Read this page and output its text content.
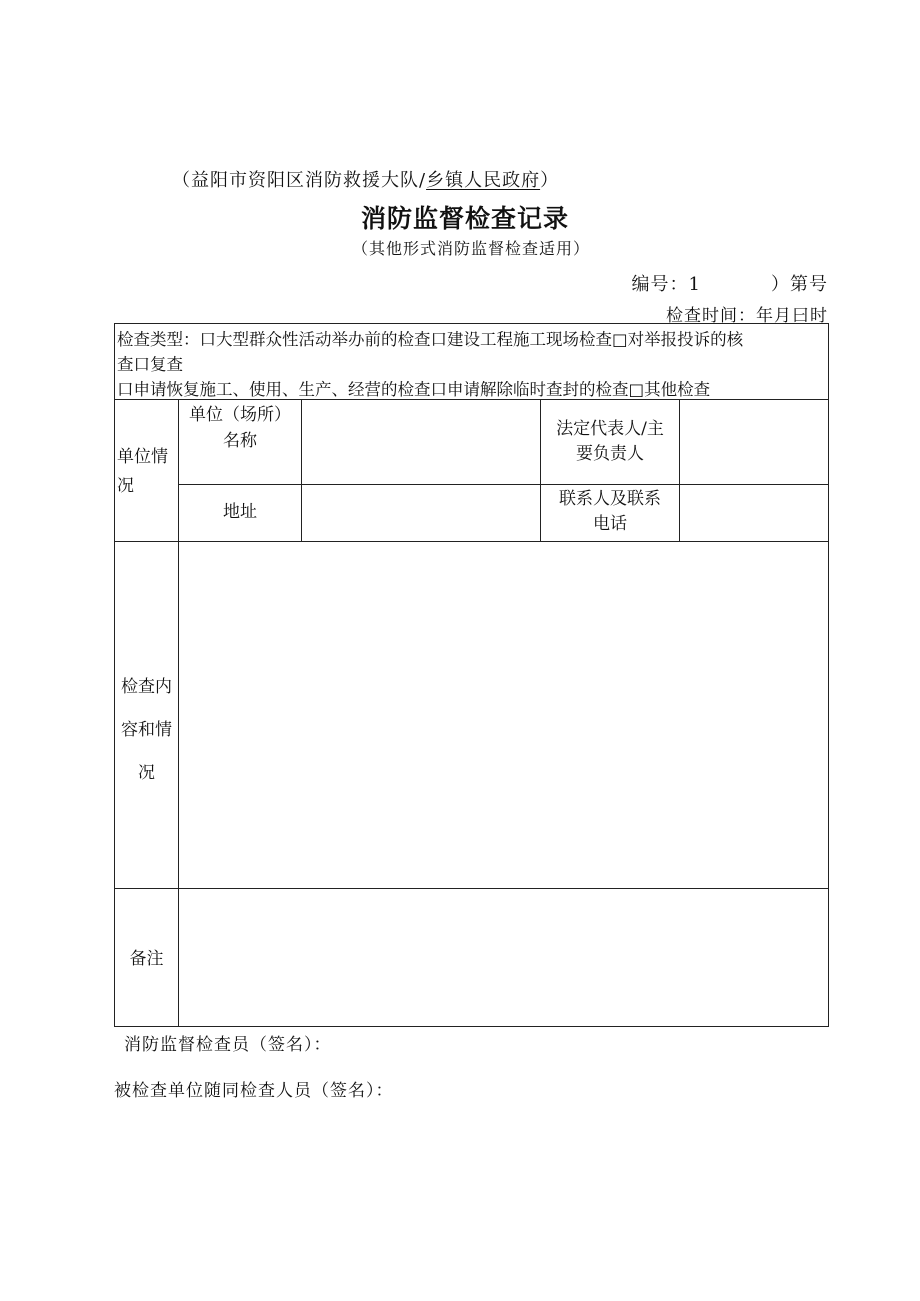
（益阳市资阳区消防救援大队/乡镇人民政府）
消防监督检查记录
（其他形式消防监督检查适用）
编号：1	）第号
检查时间：年月曰时
检查类型：口大型群众性活动举办前的检查口建设工程施工现场检查□对举报投诉的核
查口复查
口申请恢复施工、使用、生产、经营的检查口申请解除临时查封的检查□其他检查
单位情
况
单位（场所）
名称
法定代表人/主
要负责人
地址
联系人及联系
电话
检查内
容和情
况
备注
消防监督检查员（签名）：
被检查单位随同检查人员（签名）：
